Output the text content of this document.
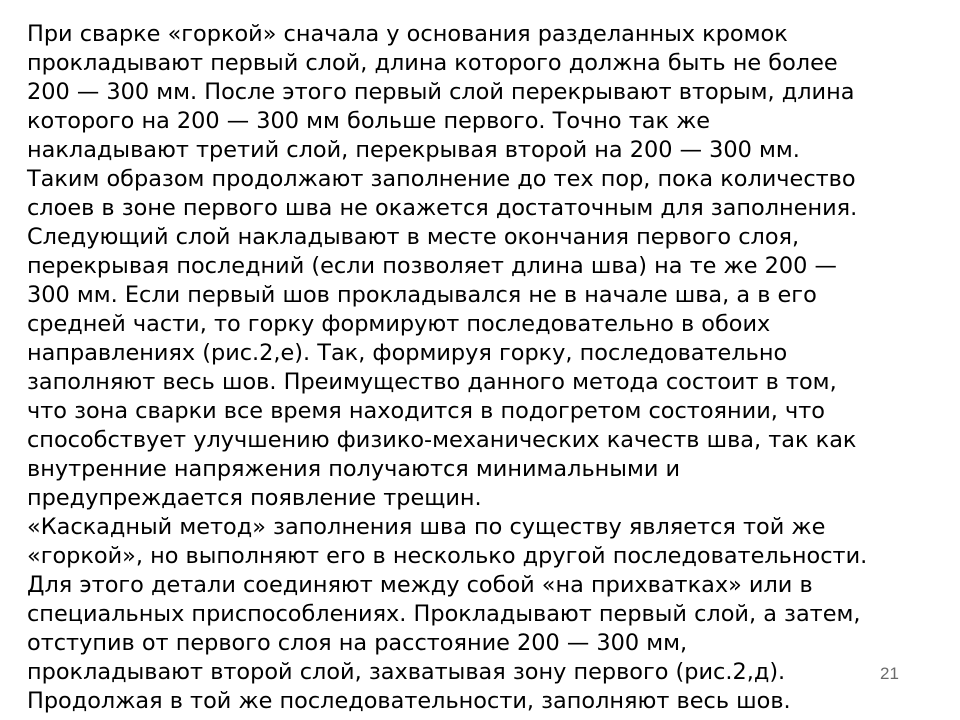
При сварке «горкой» сначала у основания разделанных кромок
прокладывают первый слой, длина которого должна быть не более
200 — 300 мм. После этого первый слой перекрывают вторым, длина
которого на 200 — 300 мм больше первого. Точно так же
накладывают третий слой, перекрывая второй на 200 — 300 мм.
Таким образом продолжают заполнение до тех пор, пока количество
слоев в зоне первого шва не окажется достаточным для заполнения.
Следующий слой накладывают в месте окончания первого слоя,
перекрывая последний (если позволяет длина шва) на те же 200 —
300 мм. Если первый шов прокладывался не в начале шва, а в его
средней части, то горку формируют последовательно в обоих
направлениях (рис.2,е). Так, формируя горку, последовательно
заполняют весь шов. Преимущество данного метода состоит в том,
что зона сварки все время находится в подогретом состоянии, что
способствует улучшению физико-механических качеств шва, так как
внутренние напряжения получаются минимальными и
предупреждается появление трещин.
«Каскадный метод» заполнения шва по существу является той же
«горкой», но выполняют его в несколько другой последовательности.
Для этого детали соединяют между собой «на прихватках» или в
специальных приспособлениях. Прокладывают первый слой, а затем,
отступив от первого слоя на расстояние 200 — 300 мм,
прокладывают второй слой, захватывая зону первого (рис.2,д).
Продолжая в той же последовательности, заполняют весь шов.
21
